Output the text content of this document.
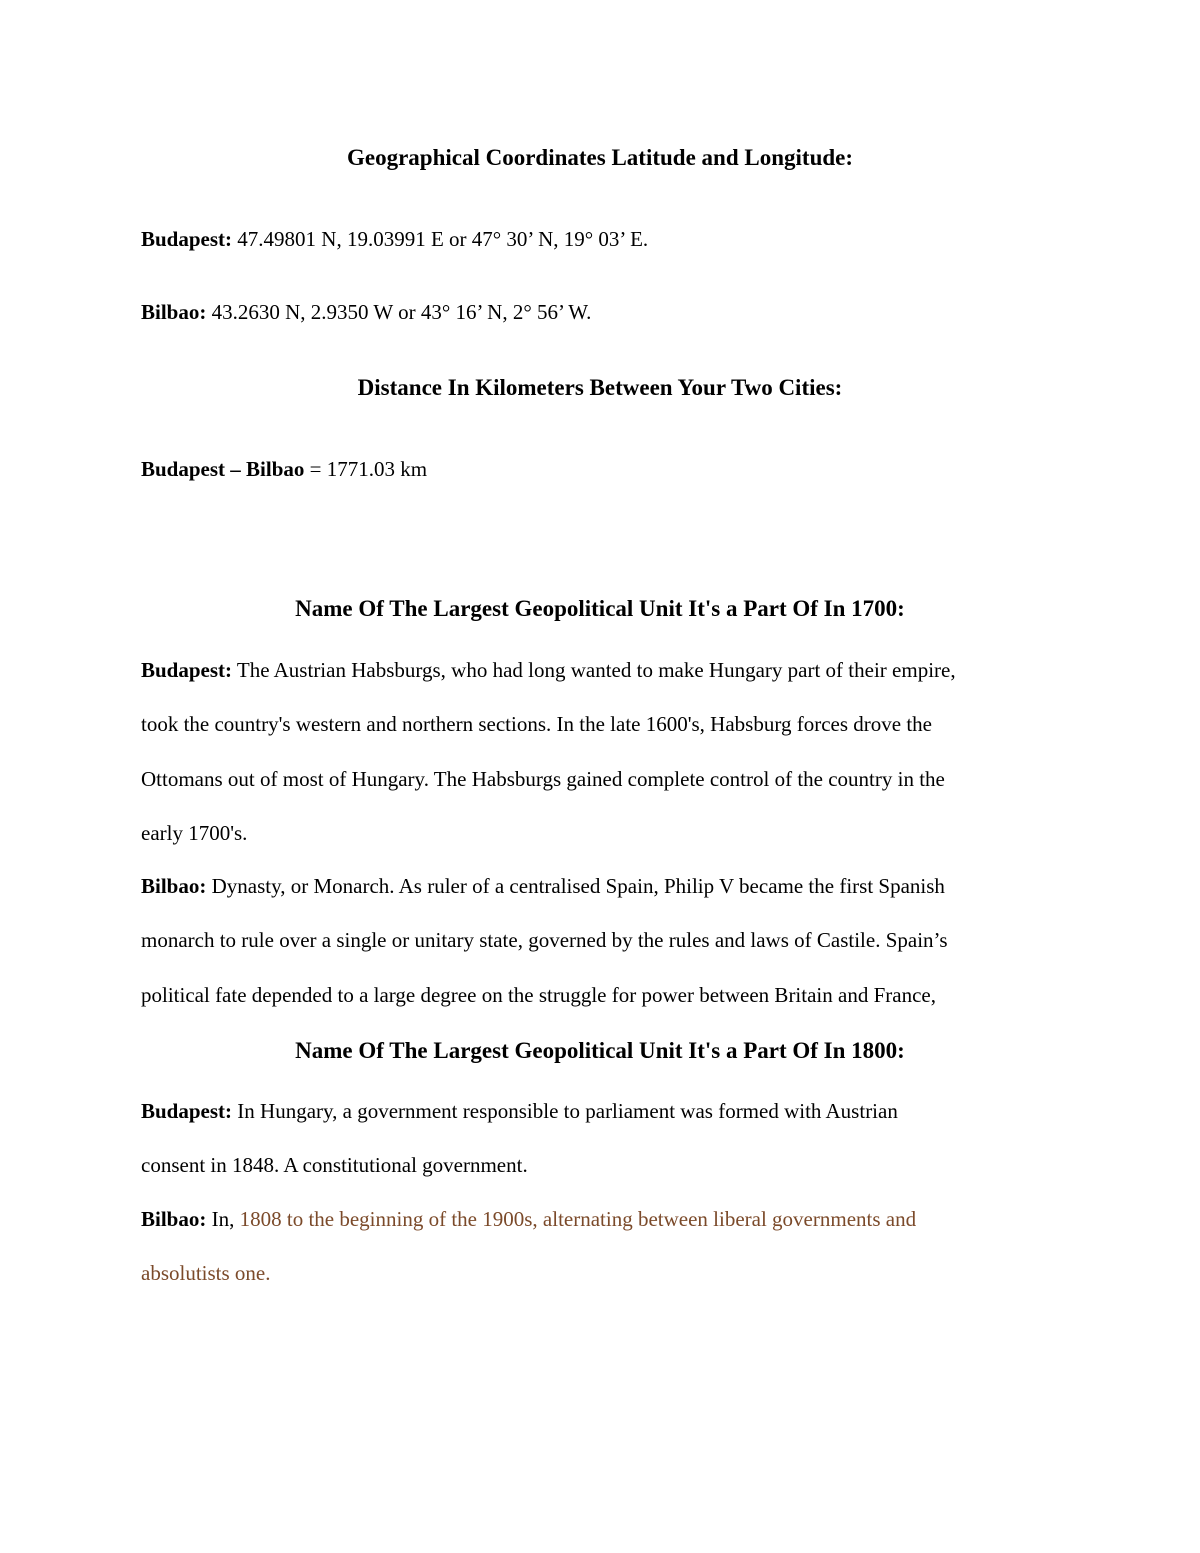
Geographical Coordinates Latitude and Longitude:
Budapest: 47.49801 N, 19.03991 E or 47° 30’ N, 19° 03’ E.
Bilbao: 43.2630 N, 2.9350 W or 43° 16’ N, 2° 56’ W.
Distance In Kilometers Between Your Two Cities:
Budapest – Bilbao = 1771.03 km
Name Of The Largest Geopolitical Unit It's a Part Of In 1700:
Budapest: The Austrian Habsburgs, who had long wanted to make Hungary part of their empire,
took the country's western and northern sections. In the late 1600's, Habsburg forces drove the
Ottomans out of most of Hungary. The Habsburgs gained complete control of the country in the
early 1700's.
Bilbao: Dynasty, or Monarch. As ruler of a centralised Spain, Philip V became the first Spanish
monarch to rule over a single or unitary state, governed by the rules and laws of Castile. Spain’s
political fate depended to a large degree on the struggle for power between Britain and France,
Name Of The Largest Geopolitical Unit It's a Part Of In 1800:
Budapest: In Hungary, a government responsible to parliament was formed with Austrian
consent in 1848. A constitutional government.
Bilbao: In, 1808 to the beginning of the 1900s, alternating between liberal governments and
absolutists one.
